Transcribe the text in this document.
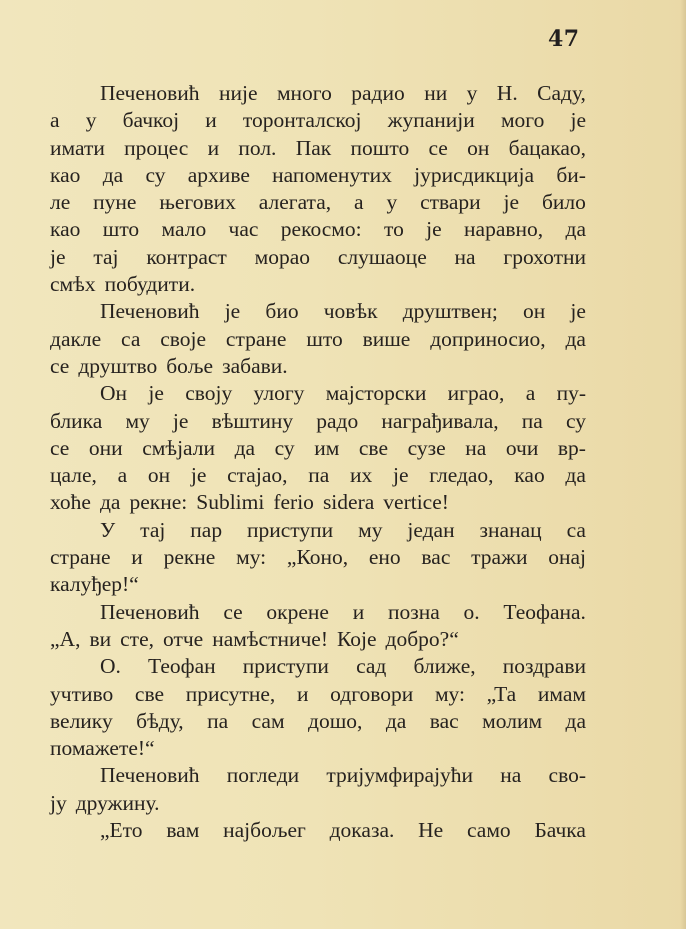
47
Печеновић није много радио ни у Н. Саду,
а у бачкој и торонталској жупанији мого је
имати процес и пол. Пак пошто се он бацакао,
као да су архиве напоменутих јурисдикција би-
ле пуне његових алегата, а у ствари је било
као што мало час рекосмо: то је наравно, да
је тај контраст морао слушаоце на грохотни
смѣх побудити.
Печеновић је био човѣк друштвен; он је
дакле са своје стране што више доприносио, да
се друштво боље забави.
Он је своју улогу мајсторски играо, а пу-
блика му је вѣштину радо награђивала, па су
се они смѣјали да су им све сузе на очи вр-
цале, а он је стајао, па их је гледао, као да
хоће да рекне: Sublimi ferio sidera vertice!
У тај пар приступи му један знанац са
стране и рекне му: „Коно, ено вас тражи онај
калуђер!“
Печеновић се окрене и позна о. Теофана.
„А, ви сте, отче намѣстниче! Које добро?“
О. Теофан приступи сад ближе, поздрави
учтиво све присутне, и одговори му: „Та имам
велику бѣду, па сам дошо, да вас молим да
помажете!“
Печеновић погледи тријумфирајући на сво-
ју дружину.
„Ето вам најбољег доказа. Не само Бачка
